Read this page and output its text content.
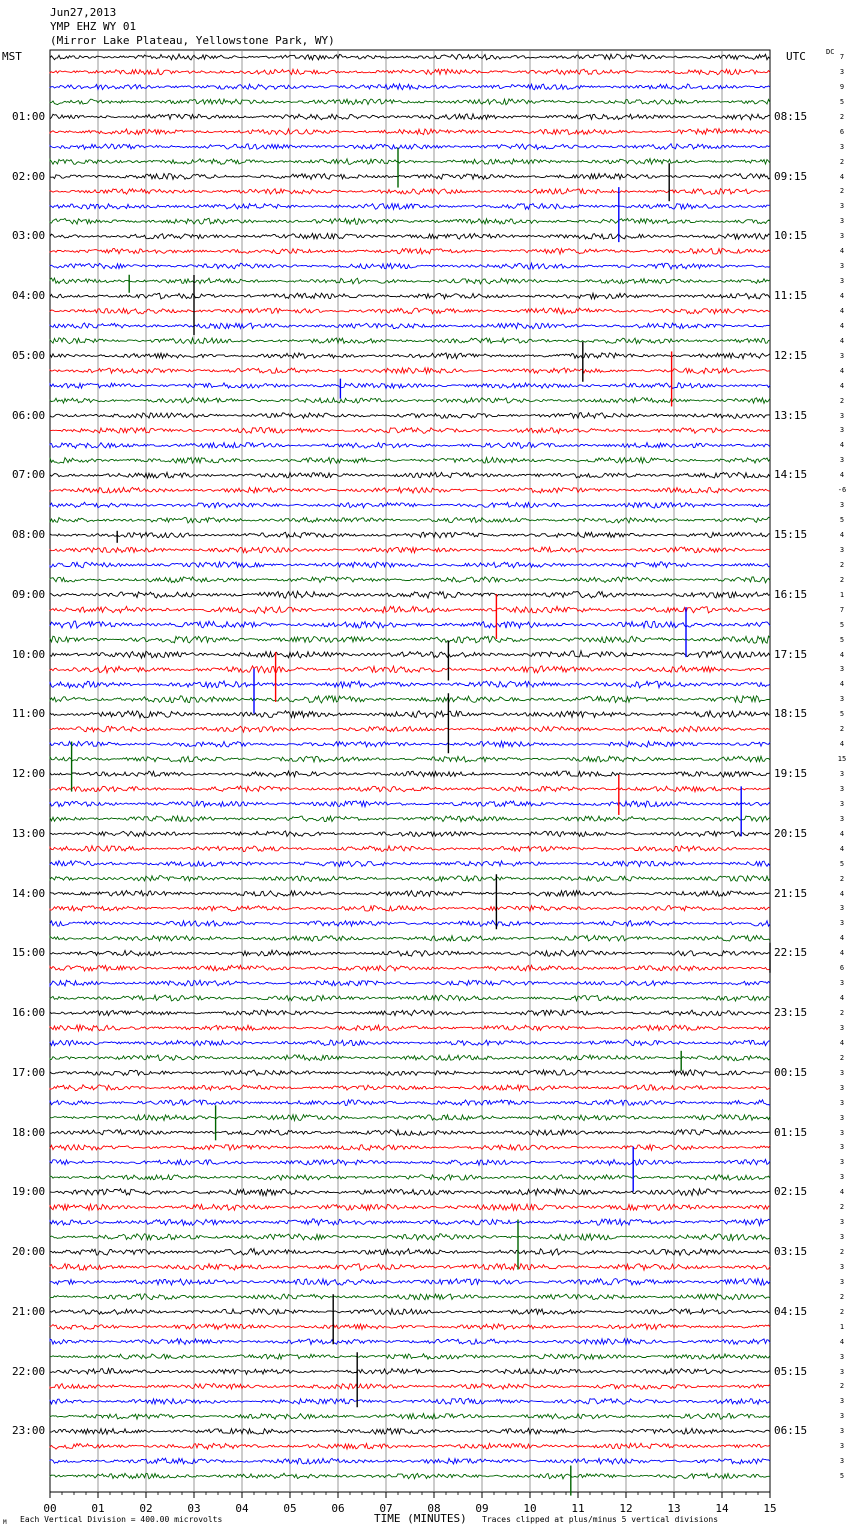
Jun27,2013
YMP EHZ WY 01
(Mirror Lake Plateau, Yellowstone Park, WY)
MST	UTC	DC
01:00
02:00
03:00
04:00
05:00
06:00
07:00
08:00
09:00
10:00
11:00
12:00
13:00
14:00
15:00
16:00
17:00
18:00
19:00
20:00
21:00
22:00
23:00
08:15
09:15
10:15
11:15
12:15
13:15
14:15
15:15
16:15
17:15
18:15
19:15
20:15
21:15
22:15
23:15
00:15
01:15
02:15
03:15
04:15
05:15
06:15
7
3
9
5
2
6
3
2
4
2
3
3
3
4
3
3
4
4
4
4
3
4
4
2
3
3
4
3
4
-6
3
5
4
3
2
2
1
7
5
5
4
3
4
3
5
2
4
15
3
3
3
3
4
4
5
2
4
3
3
4
4
6
3
4
2
3
4
2
3
3
3
3
3
3
3
3
4
2
3
3
2
3
3
2
2
1
4
3
3
2
3
3
3
3
3
5
00	01	02	03	04	05	06	07	08	09	10	11	12	13	14	15
M Each Vertical Division = 400.00 microvolts	TIME (MINUTES) Traces clipped at plus/minus 5 vertical divisions
